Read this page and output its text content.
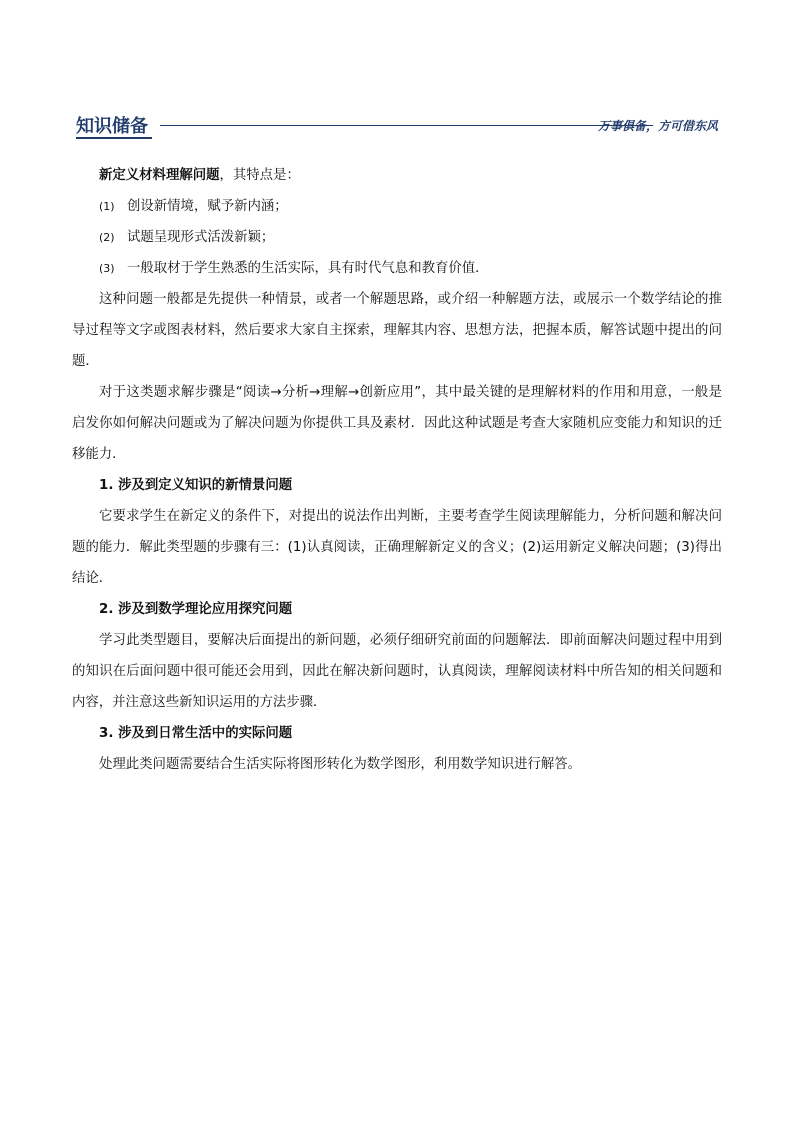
知识储备	万事俱备，方可借东风

新定义材料理解问题，其特点是：

(1) 创设新情境，赋予新内涵；

(2) 试题呈现形式活泼新颖；

(3) 一般取材于学生熟悉的生活实际，具有时代气息和教育价值．

这种问题一般都是先提供一种情景，或者一个解题思路，或介绍一种解题方法，或展示一个数学结论的推导过程等文字或图表材料，然后要求大家自主探索，理解其内容、思想方法，把握本质，解答试题中提出的问题．

对于这类题求解步骤是“阅读→分析→理解→创新应用”，其中最关键的是理解材料的作用和用意，一般是启发你如何解决问题或为了解决问题为你提供工具及素材．因此这种试题是考查大家随机应变能力和知识的迁移能力．

1. 涉及到定义知识的新情景问题

它要求学生在新定义的条件下，对提出的说法作出判断，主要考查学生阅读理解能力，分析问题和解决问题的能力．解此类型题的步骤有三：(1)认真阅读，正确理解新定义的含义；(2)运用新定义解决问题；(3)得出结论．

2. 涉及到数学理论应用探究问题

学习此类型题目，要解决后面提出的新问题，必须仔细研究前面的问题解法．即前面解决问题过程中用到的知识在后面问题中很可能还会用到，因此在解决新问题时，认真阅读，理解阅读材料中所告知的相关问题和内容，并注意这些新知识运用的方法步骤．

3. 涉及到日常生活中的实际问题

处理此类问题需要结合生活实际将图形转化为数学图形，利用数学知识进行解答。
